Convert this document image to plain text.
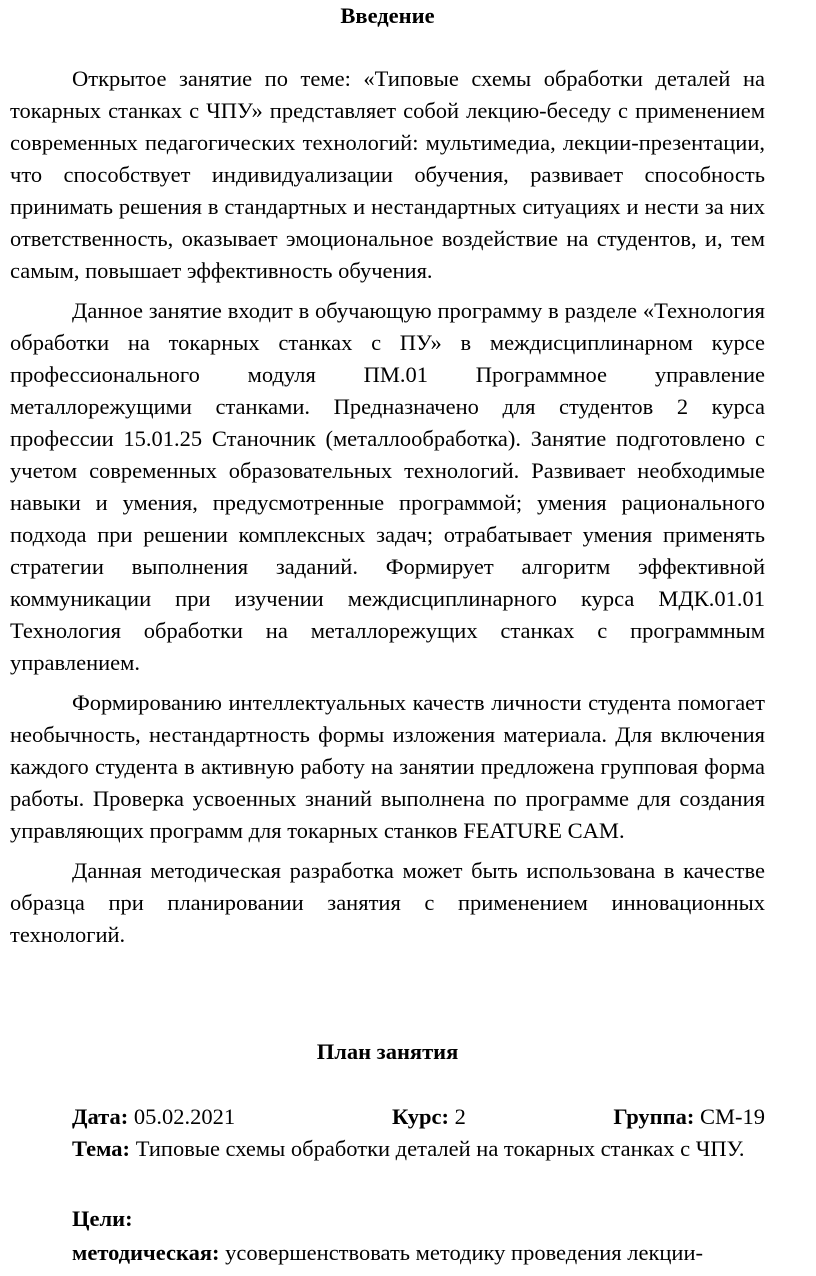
Введение

Открытое занятие по теме: «Типовые схемы обработки деталей на токарных станках с ЧПУ» представляет собой лекцию-беседу с применением современных педагогических технологий: мультимедиа, лекции-презентации, что способствует индивидуализации обучения, развивает способность принимать решения в стандартных и нестандартных ситуациях и нести за них ответственность, оказывает эмоциональное воздействие на студентов, и, тем самым, повышает эффективность обучения.

Данное занятие входит в обучающую программу в разделе «Технология обработки на токарных станках с ПУ» в междисциплинарном курсе профессионального модуля ПМ.01 Программное управление металлорежущими станками. Предназначено для студентов 2 курса профессии 15.01.25 Станочник (металлообработка). Занятие подготовлено с учетом современных образовательных технологий. Развивает необходимые навыки и умения, предусмотренные программой; умения рационального подхода при решении комплексных задач; отрабатывает умения применять стратегии выполнения заданий. Формирует алгоритм эффективной коммуникации при изучении междисциплинарного курса МДК.01.01 Технология обработки на металлорежущих станках с программным управлением.

Формированию интеллектуальных качеств личности студента помогает необычность, нестандартность формы изложения материала. Для включения каждого студента в активную работу на занятии предложена групповая форма работы. Проверка усвоенных знаний выполнена по программе для создания управляющих программ для токарных станков FEATURE CAM.

Данная методическая разработка может быть использована в качестве образца при планировании занятия с применением инновационных технологий.

План занятия
Дата: 05.02.2021	Курс: 2	Группа: СМ-19

Тема: Типовые схемы обработки деталей на токарных станках с ЧПУ.

Цели:

методическая: усовершенствовать методику проведения лекции-
